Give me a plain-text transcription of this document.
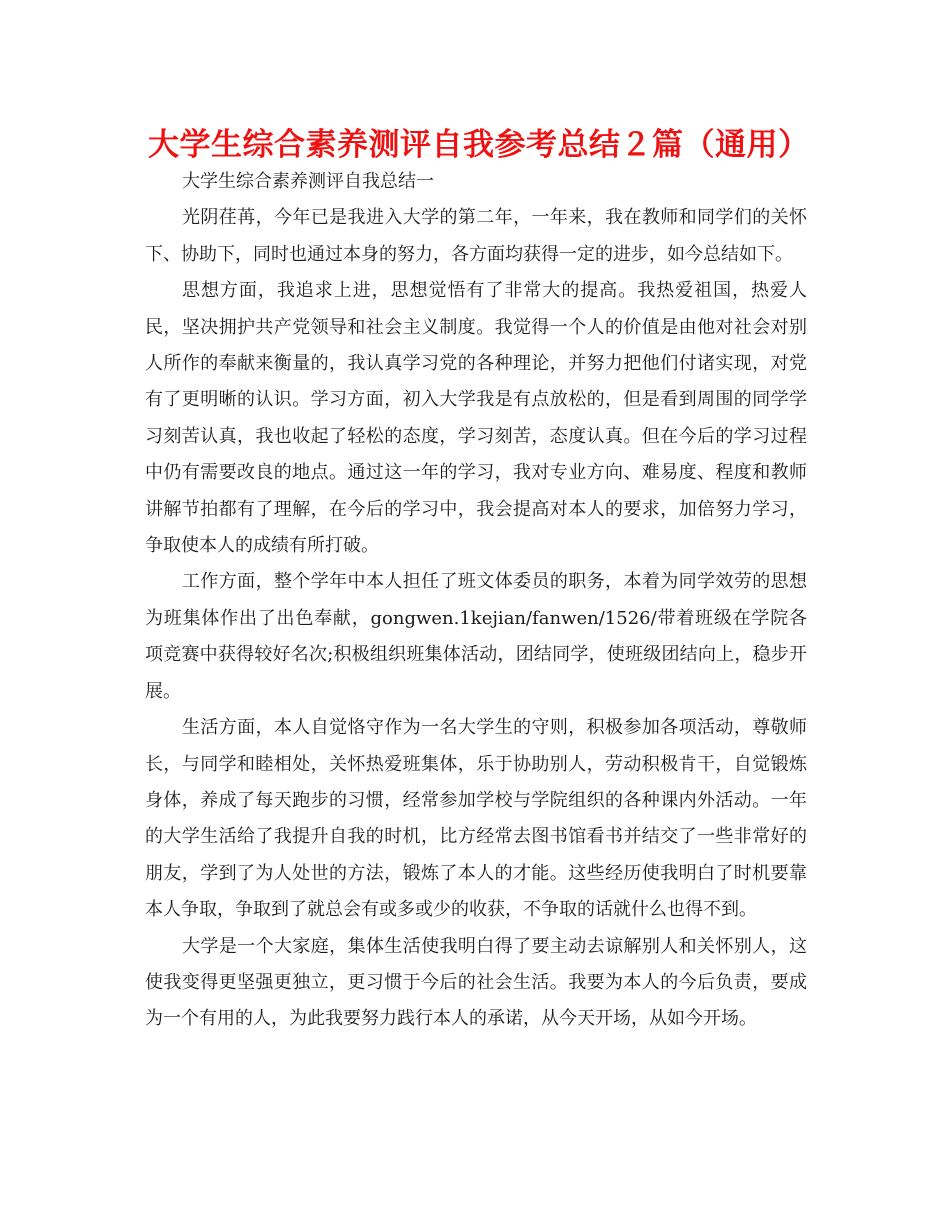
大学生综合素养测评自我参考总结２篇（通用）
大学生综合素养测评自我总结一

光阴荏苒，今年已是我进入大学的第二年，一年来，我在教师和同学们的关怀下、协助下，同时也通过本身的努力，各方面均获得一定的进步，如今总结如下。

思想方面，我追求上进，思想觉悟有了非常大的提高。我热爱祖国，热爱人民，坚决拥护共产党领导和社会主义制度。我觉得一个人的价值是由他对社会对别人所作的奉献来衡量的，我认真学习党的各种理论，并努力把他们付诸实现，对党有了更明晰的认识。学习方面，初入大学我是有点放松的，但是看到周围的同学学习刻苦认真，我也收起了轻松的态度，学习刻苦，态度认真。但在今后的学习过程中仍有需要改良的地点。通过这一年的学习，我对专业方向、难易度、程度和教师讲解节拍都有了理解，在今后的学习中，我会提高对本人的要求，加倍努力学习，争取使本人的成绩有所打破。

工作方面，整个学年中本人担任了班文体委员的职务，本着为同学效劳的思想为班集体作出了出色奉献，gongwen.1kejian/fanwen/1526/带着班级在学院各项竞赛中获得较好名次;积极组织班集体活动，团结同学，使班级团结向上，稳步开展。

生活方面，本人自觉恪守作为一名大学生的守则，积极参加各项活动，尊敬师长，与同学和睦相处，关怀热爱班集体，乐于协助别人，劳动积极肯干，自觉锻炼身体，养成了每天跑步的习惯，经常参加学校与学院组织的各种课内外活动。一年的大学生活给了我提升自我的时机，比方经常去图书馆看书并结交了一些非常好的朋友，学到了为人处世的方法，锻炼了本人的才能。这些经历使我明白了时机要靠本人争取，争取到了就总会有或多或少的收获，不争取的话就什么也得不到。

大学是一个大家庭，集体生活使我明白得了要主动去谅解别人和关怀别人，这使我变得更坚强更独立，更习惯于今后的社会生活。我要为本人的今后负责，要成为一个有用的人，为此我要努力践行本人的承诺，从今天开场，从如今开场。
